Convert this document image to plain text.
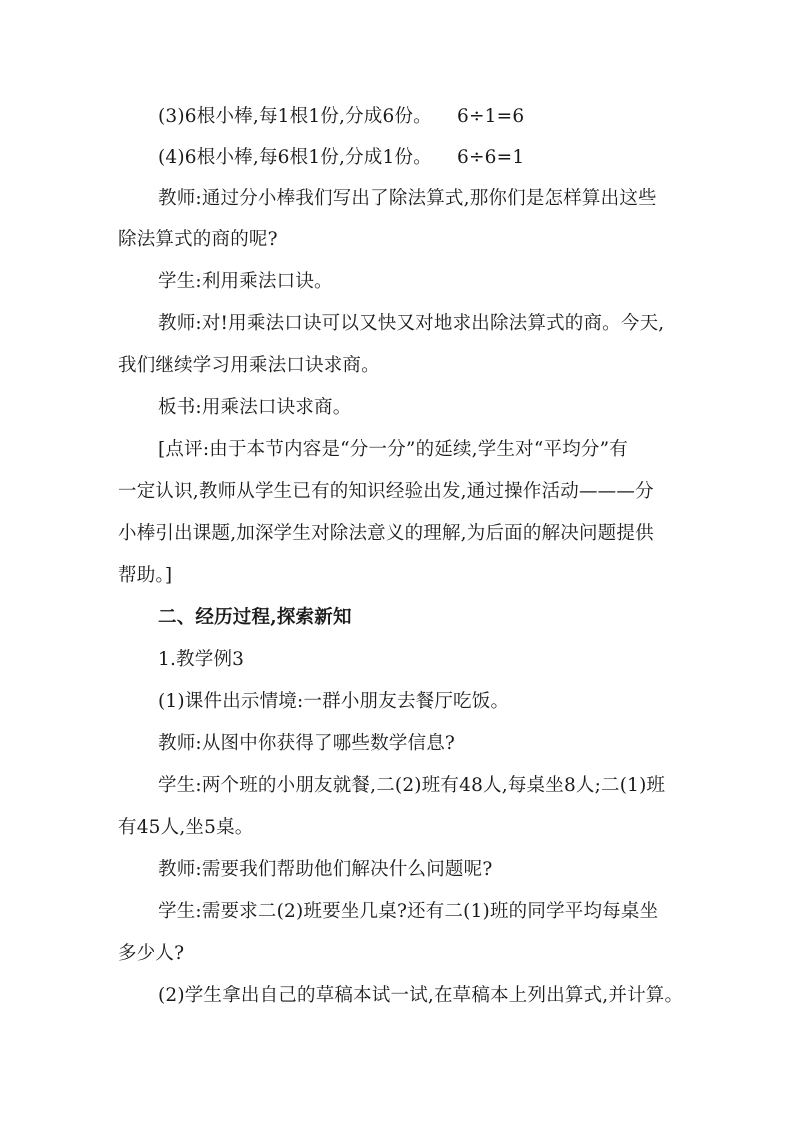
(3)6根小棒,每1根1份,分成6份。 6÷1=6
(4)6根小棒,每6根1份,分成1份。 6÷6=1
教师:通过分小棒我们写出了除法算式,那你们是怎样算出这些
除法算式的商的呢?
学生:利用乘法口诀。
教师:对!用乘法口诀可以又快又对地求出除法算式的商。今天,
我们继续学习用乘法口诀求商。
板书:用乘法口诀求商。
[点评:由于本节内容是“分一分”的延续,学生对“平均分”有
一定认识,教师从学生已有的知识经验出发,通过操作活动———分
小棒引出课题,加深学生对除法意义的理解,为后面的解决问题提供
帮助。]
二、经历过程,探索新知
1.教学例3
(1)课件出示情境:一群小朋友去餐厅吃饭。
教师:从图中你获得了哪些数学信息?
学生:两个班的小朋友就餐,二(2)班有48人,每桌坐8人;二(1)班
有45人,坐5桌。
教师:需要我们帮助他们解决什么问题呢?
学生:需要求二(2)班要坐几桌?还有二(1)班的同学平均每桌坐
多少人?
(2)学生拿出自己的草稿本试一试,在草稿本上列出算式,并计算。
